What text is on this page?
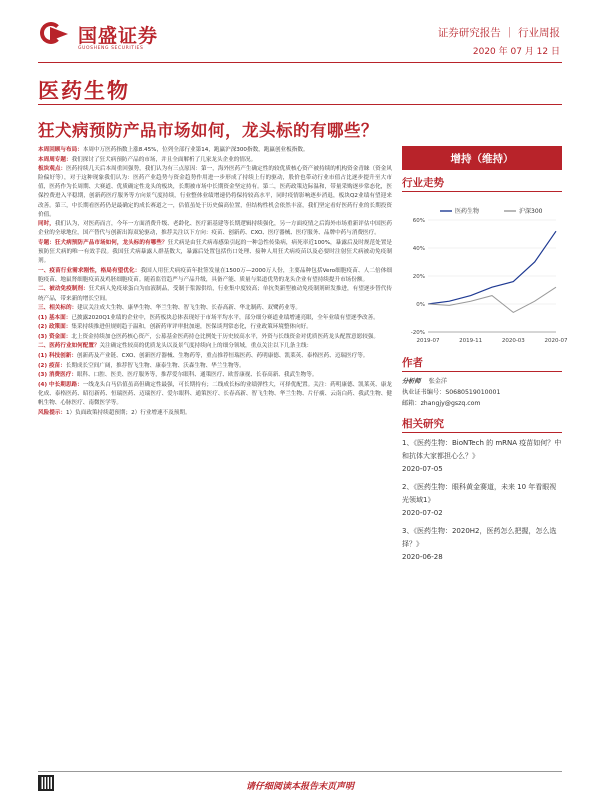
国盛证券
GUOSHENG SECURITIES
证券研究报告 ｜ 行业周报
2020 年 07 月 12 日
医药生物
狂犬病预防产品市场如何，龙头标的有哪些？

本周回顾与布局：本周中万医药指数上涨8.45%，位列全部行业第14，跑赢沪深300指数，跑赢创业板指数。

本周周专题：我们探讨了狂犬病预防产品的市场，并且全面解析了几家龙头企业的情况。

板块观点：医药持续几天后本周重回强势，我们认为有三点原因：第一，海外医药产生确定性的较优质核心资产被持续的机构资金青睐（资金风险偏好等），对于这种现象我们认为：医药产业趋势与资金趋势作用进一步形成了持续上行的驱动，股价也带动行业市值占比逐步提升至大市值，医药作为长周期、大赛道、优质确定性龙头的板块，长期被市场中长期资金坚定持有。第二，医药政策边际温和，带量采购逐步常态化，医保控费进入平稳期，创新药医疗服务等方向景气度持续，行业整体业绩增速仍将保持较高水平，同时疫情影响逐步消退，板块Q2业绩有望迎来改善。第三，中长期看医药仍是最确定的成长赛道之一，估值虽处于历史偏高位置，但结构性机会依然丰富，我们坚定看好医药行业的长期投资价值。

同时，我们认为，对医药而言，今年一方面消费升级、老龄化、医疗新基建等长期逻辑持续强化，另一方面疫情之后海外市场重新评估中国医药企业的全球地位，国产替代与创新出海双轮驱动，推荐关注以下方向：疫苗、创新药、CXO、医疗器械、医疗服务、品牌中药与消费医疗。

专题：狂犬病预防产品市场如何，龙头标的有哪些？狂犬病是由狂犬病毒感染引起的一种急性传染病，病死率近100%，暴露后及时规范处置是预防狂犬病的唯一有效手段。我国狂犬病暴露人群基数大，暴露后处置包括伤口处理、接种人用狂犬病疫苗以及必要时注射狂犬病被动免疫制剂。

一、疫苗行业需求刚性，格局有望优化：我国人用狂犬病疫苗年批签发量在1500万—2000万人份，主要品种包括Vero细胞疫苗、人二倍体细胞疫苗、地鼠肾细胞疫苗及鸡胚细胞疫苗。随着监管趋严与产品升级，具备产能、质量与渠道优势的龙头企业有望持续提升市场份额。

二、被动免疫制剂：狂犬病人免疫球蛋白为血液制品，受制于浆源供给，行业集中度较高；单抗类新型被动免疫制剂研发推进，有望逐步替代传统产品，带来新的增长空间。

三、相关标的：建议关注成大生物、康华生物、华兰生物、智飞生物、长春高新、华北制药、双鹭药业等。

(1) 基本面：已披露2020Q1业绩的企业中，医药板块总体表现好于市场平均水平，部分细分赛道业绩增速亮眼，全年业绩有望逐季改善。

(2) 政策面：集采持续推进但规则趋于温和，创新药审评审批加速，医保谈判常态化，行业政策环境整体向好。

(3) 资金面：北上资金持续加仓医药核心资产，公募基金医药持仓比例处于历史较高水平，外资与长线资金对优质医药龙头配置意愿较强。

二、医药行业如何配置？关注确定性较高的优质龙头以及景气度持续向上的细分领域，重点关注以下几条主线：

(1) 科技创新：创新药及产业链、CXO、创新医疗器械、生物药等，重点推荐恒瑞医药、药明康德、凯莱英、泰格医药、迈瑞医疗等。

(2) 疫苗：长期成长空间广阔，推荐智飞生物、康泰生物、沃森生物、华兰生物等。

(3) 消费医疗：眼科、口腔、医美、医疗服务等，推荐爱尔眼科、通策医疗、欧普康视、长春高新、我武生物等。

(4) 中长期思路：一线龙头白马估值虽高但确定性最强，可长期持有；二线成长标的业绩弹性大，可择优配置。关注：药明康德、凯莱英、康龙化成、泰格医药、昭衍新药、恒瑞医药、迈瑞医疗、爱尔眼科、通策医疗、长春高新、智飞生物、华兰生物、片仔癀、云南白药、我武生物、健帆生物、心脉医疗、南微医学等。

风险提示：1）负面政策持续超预期；2）行业增速不及预期。

增持（维持）
行业走势
-20%
0%
20%
40%
60%
2019-07	2019-11	2020-03	2020-07
医药生物	沪深300
作者
分析师 张金洋
执业证书编号：S0680519010001
邮箱：zhangjy@gszq.com
相关研究
1、《医药生物：BioNTech 的 mRNA 疫苗如何？中和抗体大家都担心么？》
2020-07-05
2、《医药生物：眼科黄金赛道，未来 10 年看眼视光领域1》
2020-07-02
3、《医药生物：2020H2，医药怎么把握，怎么选择？》
2020-06-28
请仔细阅读本报告末页声明
